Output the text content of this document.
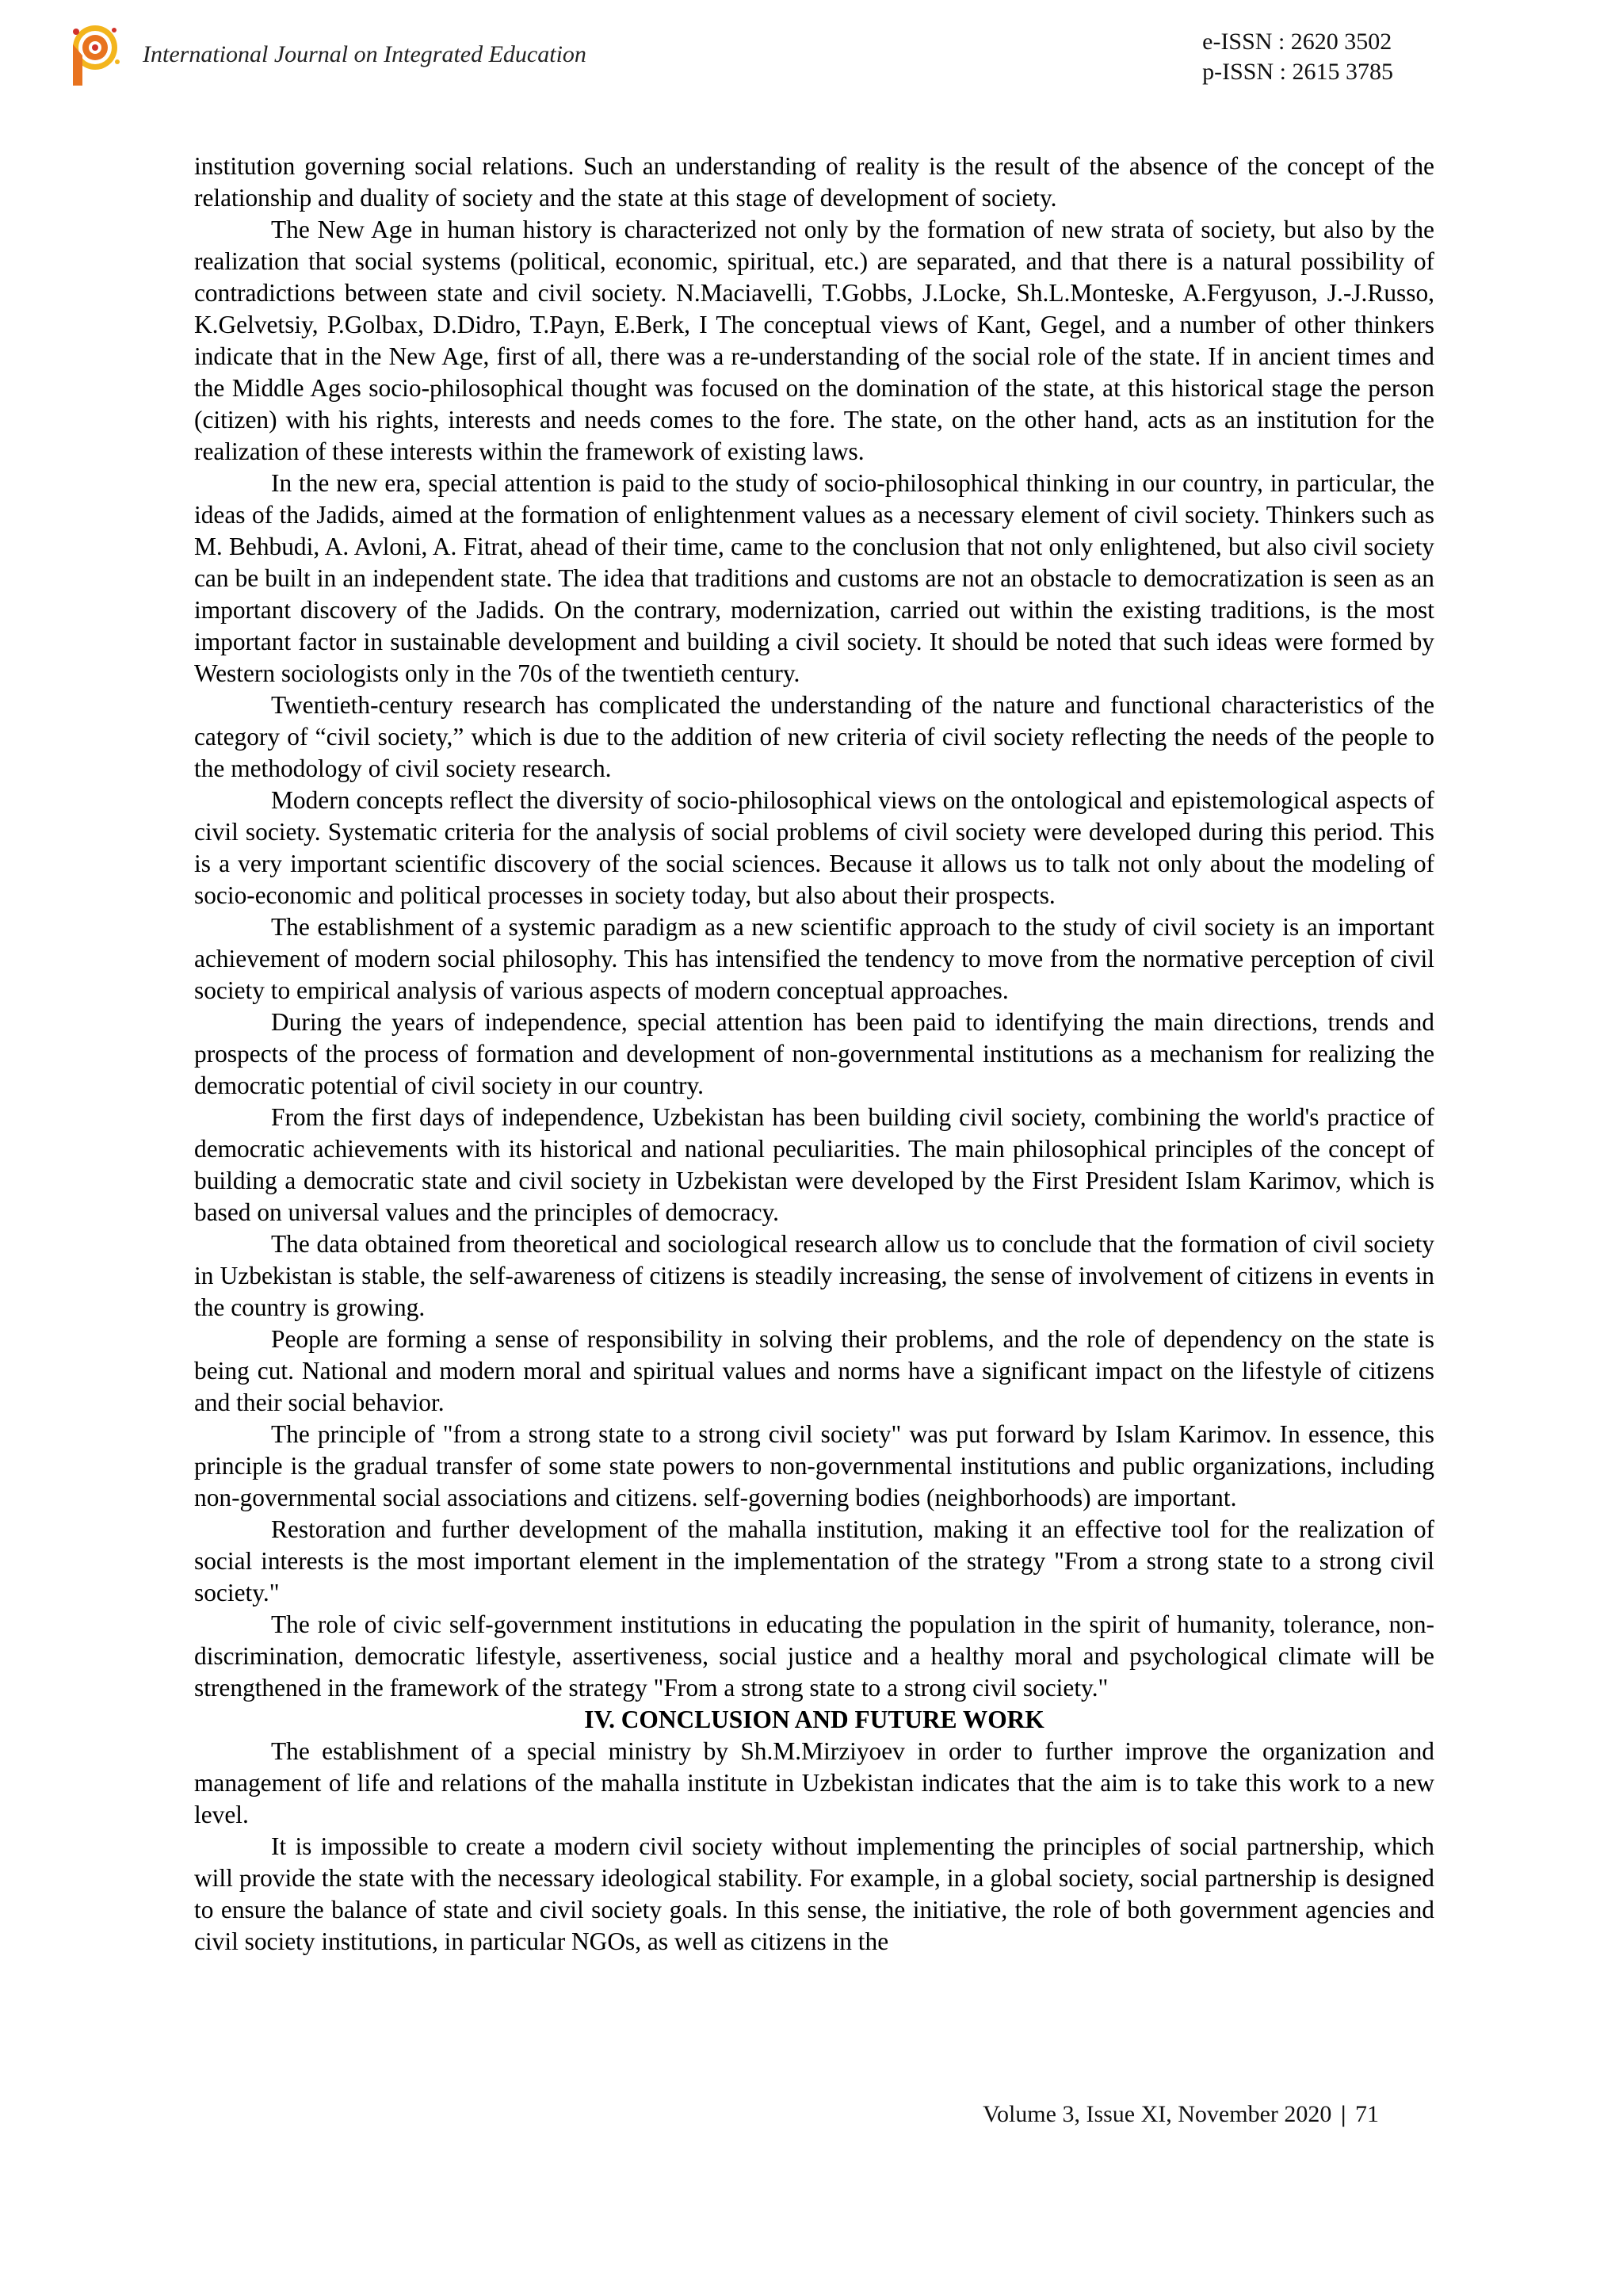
International Journal on Integrated Education	e-ISSN : 2620 3502
p-ISSN : 2615 3785

institution governing social relations. Such an understanding of reality is the result of the absence of the concept of the relationship and duality of society and the state at this stage of development of society.

The New Age in human history is characterized not only by the formation of new strata of society, but also by the realization that social systems (political, economic, spiritual, etc.) are separated, and that there is a natural possibility of contradictions between state and civil society. N.Maciavelli, T.Gobbs, J.Locke, Sh.L.Monteske, A.Fergyuson, J.-J.Russo, K.Gelvetsiy, P.Golbax, D.Didro, T.Payn, E.Berk, I The conceptual views of Kant, Gegel, and a number of other thinkers indicate that in the New Age, first of all, there was a re-understanding of the social role of the state. If in ancient times and the Middle Ages socio-philosophical thought was focused on the domination of the state, at this historical stage the person (citizen) with his rights, interests and needs comes to the fore. The state, on the other hand, acts as an institution for the realization of these interests within the framework of existing laws.

In the new era, special attention is paid to the study of socio-philosophical thinking in our country, in particular, the ideas of the Jadids, aimed at the formation of enlightenment values as a necessary element of civil society. Thinkers such as M. Behbudi, A. Avloni, A. Fitrat, ahead of their time, came to the conclusion that not only enlightened, but also civil society can be built in an independent state. The idea that traditions and customs are not an obstacle to democratization is seen as an important discovery of the Jadids. On the contrary, modernization, carried out within the existing traditions, is the most important factor in sustainable development and building a civil society. It should be noted that such ideas were formed by Western sociologists only in the 70s of the twentieth century.

Twentieth-century research has complicated the understanding of the nature and functional characteristics of the category of “civil society,” which is due to the addition of new criteria of civil society reflecting the needs of the people to the methodology of civil society research.

Modern concepts reflect the diversity of socio-philosophical views on the ontological and epistemological aspects of civil society. Systematic criteria for the analysis of social problems of civil society were developed during this period. This is a very important scientific discovery of the social sciences. Because it allows us to talk not only about the modeling of socio-economic and political processes in society today, but also about their prospects.

The establishment of a systemic paradigm as a new scientific approach to the study of civil society is an important achievement of modern social philosophy. This has intensified the tendency to move from the normative perception of civil society to empirical analysis of various aspects of modern conceptual approaches.

During the years of independence, special attention has been paid to identifying the main directions, trends and prospects of the process of formation and development of non-governmental institutions as a mechanism for realizing the democratic potential of civil society in our country.

From the first days of independence, Uzbekistan has been building civil society, combining the world's practice of democratic achievements with its historical and national peculiarities. The main philosophical principles of the concept of building a democratic state and civil society in Uzbekistan were developed by the First President Islam Karimov, which is based on universal values and the principles of democracy.

The data obtained from theoretical and sociological research allow us to conclude that the formation of civil society in Uzbekistan is stable, the self-awareness of citizens is steadily increasing, the sense of involvement of citizens in events in the country is growing.

People are forming a sense of responsibility in solving their problems, and the role of dependency on the state is being cut. National and modern moral and spiritual values and norms have a significant impact on the lifestyle of citizens and their social behavior.

The principle of "from a strong state to a strong civil society" was put forward by Islam Karimov. In essence, this principle is the gradual transfer of some state powers to non-governmental institutions and public organizations, including non-governmental social associations and citizens. self-governing bodies (neighborhoods) are important.

Restoration and further development of the mahalla institution, making it an effective tool for the realization of social interests is the most important element in the implementation of the strategy "From a strong state to a strong civil society."

The role of civic self-government institutions in educating the population in the spirit of humanity, tolerance, non-discrimination, democratic lifestyle, assertiveness, social justice and a healthy moral and psychological climate will be strengthened in the framework of the strategy "From a strong state to a strong civil society."

IV. CONCLUSION AND FUTURE WORK

The establishment of a special ministry by Sh.M.Mirziyoev in order to further improve the organization and management of life and relations of the mahalla institute in Uzbekistan indicates that the aim is to take this work to a new level.

It is impossible to create a modern civil society without implementing the principles of social partnership, which will provide the state with the necessary ideological stability. For example, in a global society, social partnership is designed to ensure the balance of state and civil society goals. In this sense, the initiative, the role of both government agencies and civil society institutions, in particular NGOs, as well as citizens in the

Volume 3, Issue XI, November 2020 | 71
